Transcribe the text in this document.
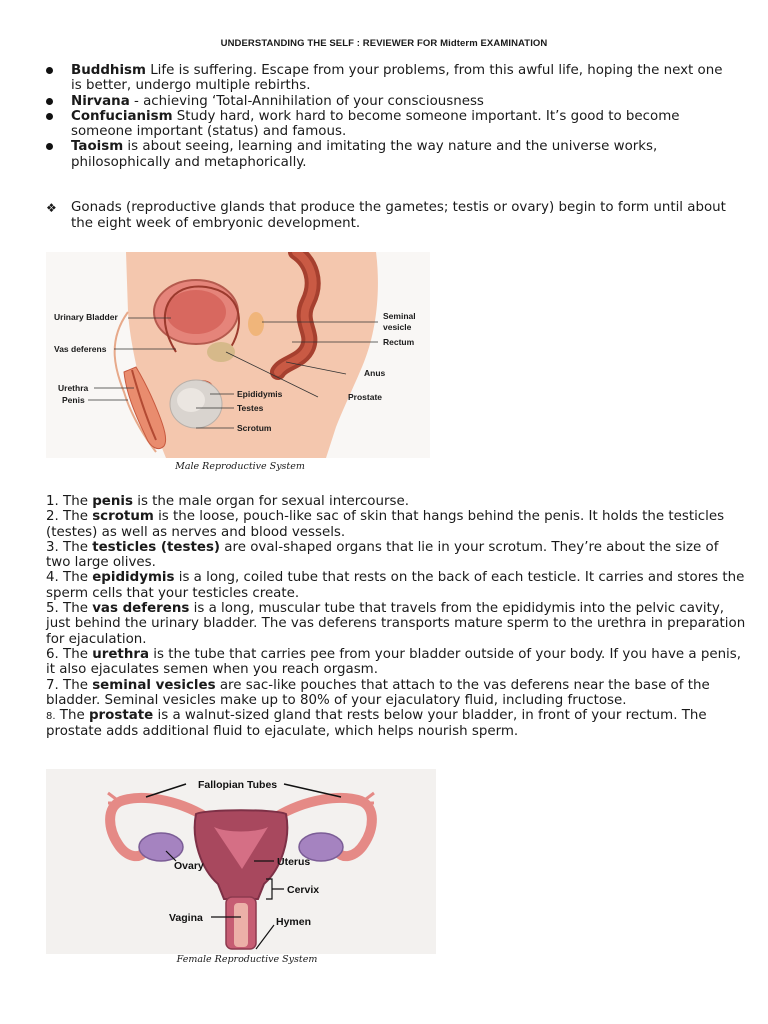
UNDERSTANDING THE SELF : REVIEWER FOR Midterm EXAMINATION
Buddhism Life is suffering. Escape from your problems, from this awful life, hoping the next one is better, undergo multiple rebirths.
Nirvana - achieving ‘Total-Annihilation of your consciousness
Confucianism Study hard, work hard to become someone important. It’s good to become someone important (status) and famous.
Taoism is about seeing, learning and imitating the way nature and the universe works, philosophically and metaphorically.
❖ Gonads (reproductive glands that produce the gametes; testis or ovary) begin to form until about the eight week of embryonic development.
Urinary Bladder
Vas deferens
Urethra
Penis
Epididymis
Testes
Scrotum
Seminal
vesicle
Rectum
Anus
Prostate
Male Reproductive System
1. The penis is the male organ for sexual intercourse.
2. The scrotum is the loose, pouch-like sac of skin that hangs behind the penis. It holds the testicles (testes) as well as nerves and blood vessels.
3. The testicles (testes) are oval-shaped organs that lie in your scrotum. They’re about the size of two large olives.
4. The epididymis is a long, coiled tube that rests on the back of each testicle. It carries and stores the sperm cells that your testicles create.
5. The vas deferens is a long, muscular tube that travels from the epididymis into the pelvic cavity, just behind the urinary bladder. The vas deferens transports mature sperm to the urethra in preparation for ejaculation.
6. The urethra is the tube that carries pee from your bladder outside of your body. If you have a penis, it also ejaculates semen when you reach orgasm.
7. The seminal vesicles are sac-like pouches that attach to the vas deferens near the base of the bladder. Seminal vesicles make up to 80% of your ejaculatory fluid, including fructose.
8. The prostate is a walnut-sized gland that rests below your bladder, in front of your rectum. The prostate adds additional fluid to ejaculate, which helps nourish sperm.
Fallopian Tubes
Ovary	Uterus
Cervix
Vagina	Hymen
Female Reproductive System
